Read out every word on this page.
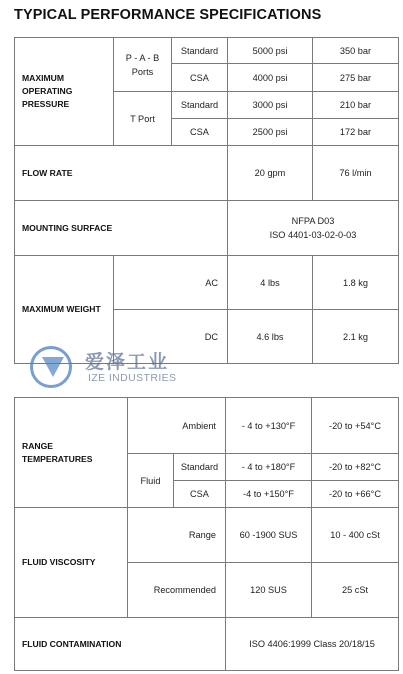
TYPICAL PERFORMANCE SPECIFICATIONS
MAXIMUM OPERATING PRESSURE	P - A - B Ports	Standard	5000 psi	350 bar
		CSA	4000 psi	275 bar
	T Port	Standard	3000 psi	210 bar
		CSA	2500 psi	172 bar
FLOW RATE			20 gpm	76 l/min
MOUNTING SURFACE			NFPA D03
ISO 4401-03-02-0-03	

MAXIMUM WEIGHT	AC		4 lbs	1.8 kg
	DC		4.6 lbs	2.1 kg
爱泽工业
IZE INDUSTRIES
RANGE TEMPERATURES	Ambient		- 4 to +130°F	-20 to +54°C
	Fluid	Standard	- 4 to +180°F	-20 to +82°C
		CSA	-4 to +150°F	-20 to +66°C
FLUID VISCOSITY	Range		60 -1900 SUS	10 - 400 cSt
	Recommended		120 SUS	25 cSt
FLUID CONTAMINATION			ISO 4406:1999 Class 20/18/15	
